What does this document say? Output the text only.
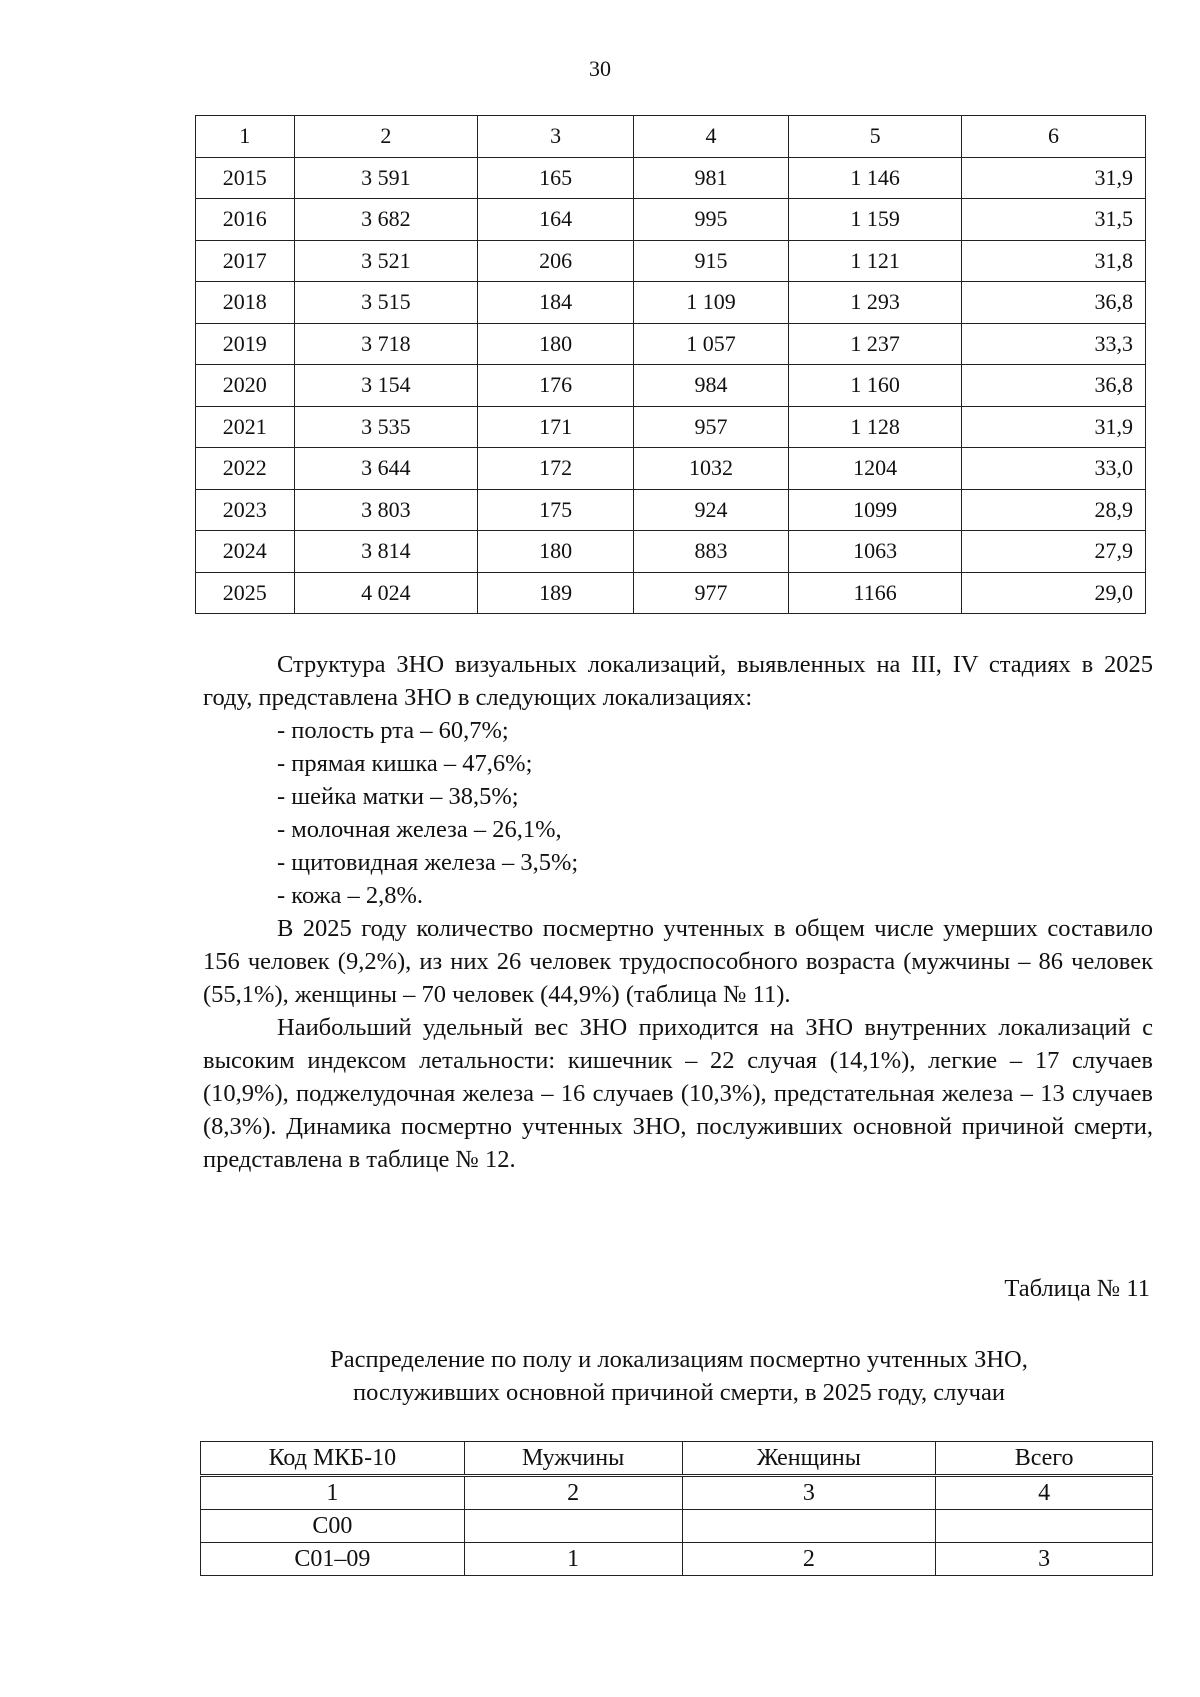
30
1	2	3	4	5	6
2015	3 591	165	981	1 146	31,9
2016	3 682	164	995	1 159	31,5
2017	3 521	206	915	1 121	31,8
2018	3 515	184	1 109	1 293	36,8
2019	3 718	180	1 057	1 237	33,3
2020	3 154	176	984	1 160	36,8
2021	3 535	171	957	1 128	31,9
2022	3 644	172	1032	1204	33,0
2023	3 803	175	924	1099	28,9
2024	3 814	180	883	1063	27,9
2025	4 024	189	977	1166	29,0

Структура ЗНО визуальных локализаций, выявленных на III, IV стадиях в 2025 году, представлена ЗНО в следующих локализациях:

- полость рта – 60,7%;
- прямая кишка – 47,6%;
- шейка матки – 38,5%;
- молочная железа – 26,1%,
- щитовидная железа – 3,5%;
- кожа – 2,8%.

В 2025 году количество посмертно учтенных в общем числе умерших составило 156 человек (9,2%), из них 26 человек трудоспособного возраста (мужчины – 86 человек (55,1%), женщины – 70 человек (44,9%) (таблица № 11).

Наибольший удельный вес ЗНО приходится на ЗНО внутренних локализаций с высоким индексом летальности: кишечник – 22 случая (14,1%), легкие – 17 случаев (10,9%), поджелудочная железа – 16 случаев (10,3%), предстательная железа – 13 случаев (8,3%). Динамика посмертно учтенных ЗНО, послуживших основной причиной смерти, представлена в таблице № 12.

Таблица № 11
Распределение по полу и локализациям посмертно учтенных ЗНО,
послуживших основной причиной смерти, в 2025 году, случаи
Код МКБ-10	Мужчины	Женщины	Всего
1	2	3	4
С00			
С01–09	1	2	3
